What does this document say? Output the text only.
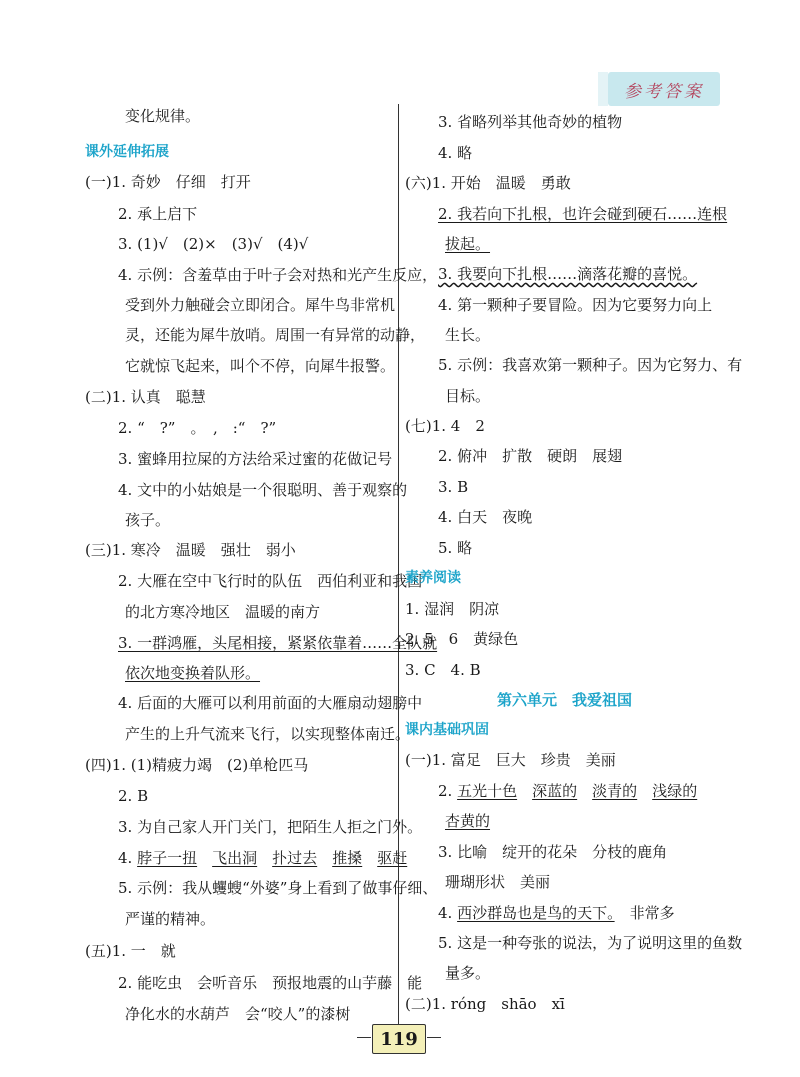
参考答案
变化规律。
课外延伸拓展
(一)1. 奇妙　仔细　打开
2. 承上启下
3. (1)√　(2)×　(3)√　(4)√
4. 示例：含羞草由于叶子会对热和光产生反应，
受到外力触碰会立即闭合。犀牛鸟非常机
灵，还能为犀牛放哨。周围一有异常的动静，
它就惊飞起来，叫个不停，向犀牛报警。
(二)1. 认真　聪慧
2. “　?”　。　,　:“　?”
3. 蜜蜂用拉屎的方法给采过蜜的花做记号
4. 文中的小姑娘是一个很聪明、善于观察的
孩子。
(三)1. 寒冷　温暖　强壮　弱小
2. 大雁在空中飞行时的队伍　西伯利亚和我国
的北方寒冷地区　温暖的南方
3. 一群鸿雁，头尾相接，紧紧依靠着……全队就
依次地变换着队形。
4. 后面的大雁可以利用前面的大雁扇动翅膀中
产生的上升气流来飞行，以实现整体南迁。
(四)1. (1)精疲力竭　(2)单枪匹马
2. B
3. 为自己家人开门关门，把陌生人拒之门外。
4. 脖子一扭　 飞出洞　 扑过去　 推搡　 驱赶
5. 示例：我从蠼螋“外婆”身上看到了做事仔细、
严谨的精神。
(五)1. 一　就
2. 能吃虫　会听音乐　预报地震的山芋藤　能
净化水的水葫芦　会“咬人”的漆树
3. 省略列举其他奇妙的植物
4. 略
(六)1. 开始　温暖　勇敢
2. 我若向下扎根，也许会碰到硬石……连根
拔起。
3. 我要向下扎根……滴落花瓣的喜悦。
4. 第一颗种子要冒险。因为它要努力向上
生长。
5. 示例：我喜欢第一颗种子。因为它努力、有
目标。
(七)1. 4　2
2. 俯冲　扩散　硬朗　展翅
3. B
4. 白天　夜晚
5. 略
素养阅读
1. 湿润　阴凉
2. 5　6　黄绿色
3. C　4. B
第六单元　我爱祖国
课内基础巩固
(一)1. 富足　巨大　珍贵　美丽
2. 五光十色　 深蓝的　 淡青的　 浅绿的
杏黄的
3. 比喻　绽开的花朵　分枝的鹿角
珊瑚形状　美丽
4. 西沙群岛也是鸟的天下。　非常多
5. 这是一种夸张的说法，为了说明这里的鱼数
量多。
(二)1. róng　shāo　xī
119
